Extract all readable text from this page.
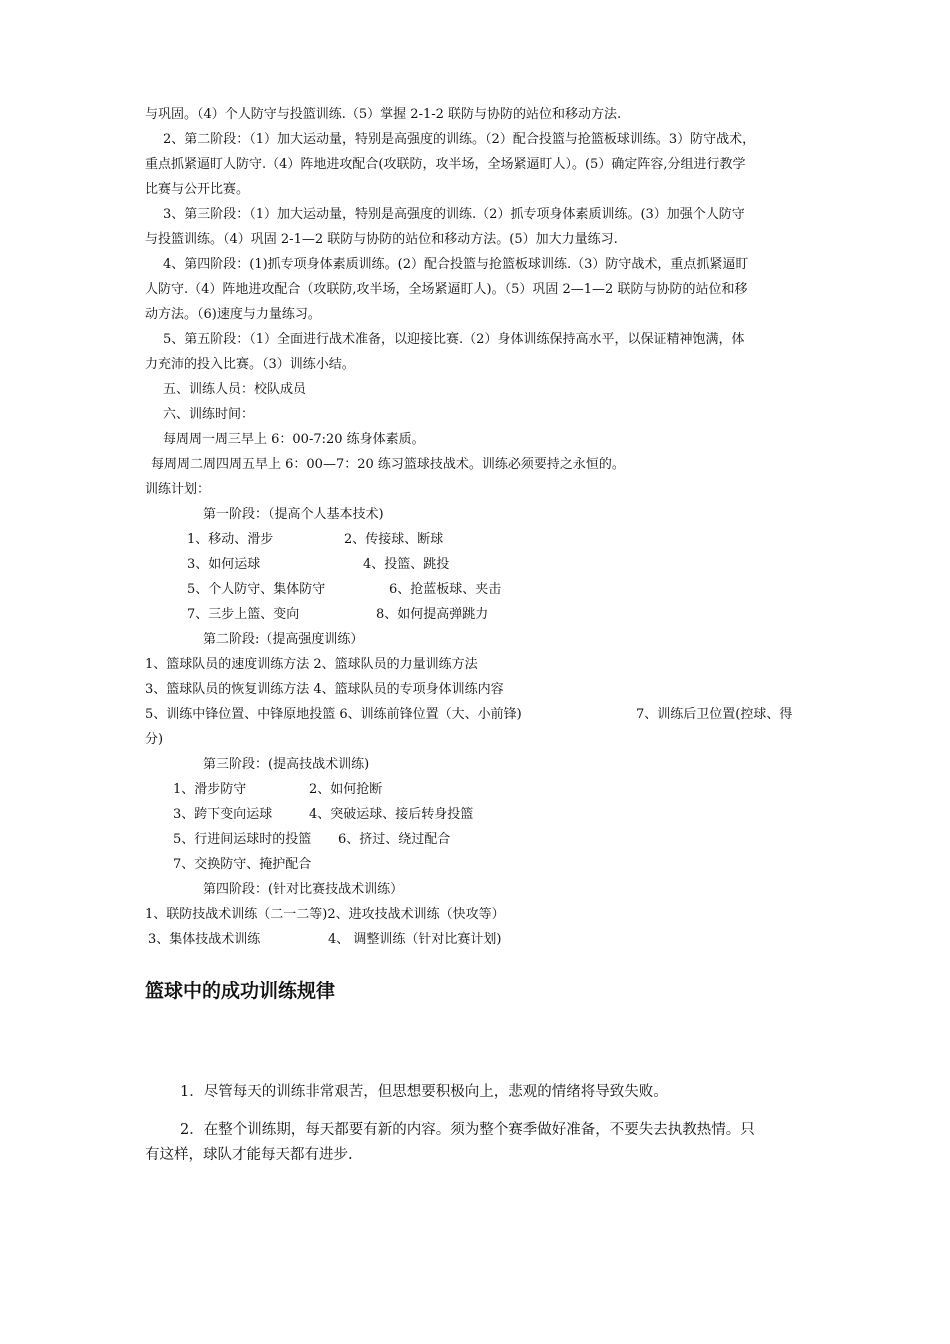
与巩固。（4）个人防守与投篮训练.（5）掌握 2-1-2 联防与协防的站位和移动方法.
2、第二阶段：（1）加大运动量，特别是高强度的训练。（2）配合投篮与抢篮板球训练。3）防守战术，
重点抓紧逼盯人防守.（4）阵地进攻配合(攻联防，攻半场，全场紧逼盯人）。(5）确定阵容,分组进行教学
比赛与公开比赛。
3、第三阶段：（1）加大运动量，特别是高强度的训练.（2）抓专项身体素质训练。(3）加强个人防守
与投篮训练。（4）巩固 2-1—2 联防与协防的站位和移动方法。(5）加大力量练习.
4、第四阶段：(1)抓专项身体素质训练。(2）配合投篮与抢篮板球训练.（3）防守战术，重点抓紧逼盯
人防守.（4）阵地进攻配合（攻联防,攻半场，全场紧逼盯人)。（5）巩固 2—1—2 联防与协防的站位和移
动方法。（6)速度与力量练习。
5、第五阶段：（1）全面进行战术准备，以迎接比赛.（2）身体训练保持高水平，以保证精神饱满，体
力充沛的投入比赛。（3）训练小结。
五、训练人员：校队成员
六、训练时间：
每周周一周三早上 6：00-7:20 练身体素质。
每周周二周四周五早上 6：00—7：20 练习篮球技战术。训练必须要持之永恒的。
训练计划：
第一阶段：（提高个人基本技术)
1、移动、滑步	2、传接球、断球
3、如何运球	4、投篮、跳投
5、个人防守、集体防守	6、抢蓝板球、夹击
7、三步上篮、变向	8、如何提高弹跳力
第二阶段:（提高强度训练）
1、篮球队员的速度训练方法 2、篮球队员的力量训练方法
3、篮球队员的恢复训练方法 4、篮球队员的专项身体训练内容
5、训练中锋位置、中锋原地投篮 6、训练前锋位置（大、小前锋)	7、训练后卫位置(控球、得
分)
第三阶段：(提高技战术训练)
1、滑步防守	2、如何抢断
3、跨下变向运球	4、突破运球、接后转身投篮
5、行进间运球时的投篮 6、挤过、绕过配合
7、交换防守、掩护配合
第四阶段：(针对比赛技战术训练）
1、联防技战术训练（二一二等)2、进攻技战术训练（快攻等）
3、集体技战术训练	4、 调整训练（针对比赛计划)
篮球中的成功训练规律
1．尽管每天的训练非常艰苦，但思想要积极向上，悲观的情绪将导致失败。
2．在整个训练期，每天都要有新的内容。须为整个赛季做好准备，不要失去执教热情。只
有这样，球队才能每天都有进步.
